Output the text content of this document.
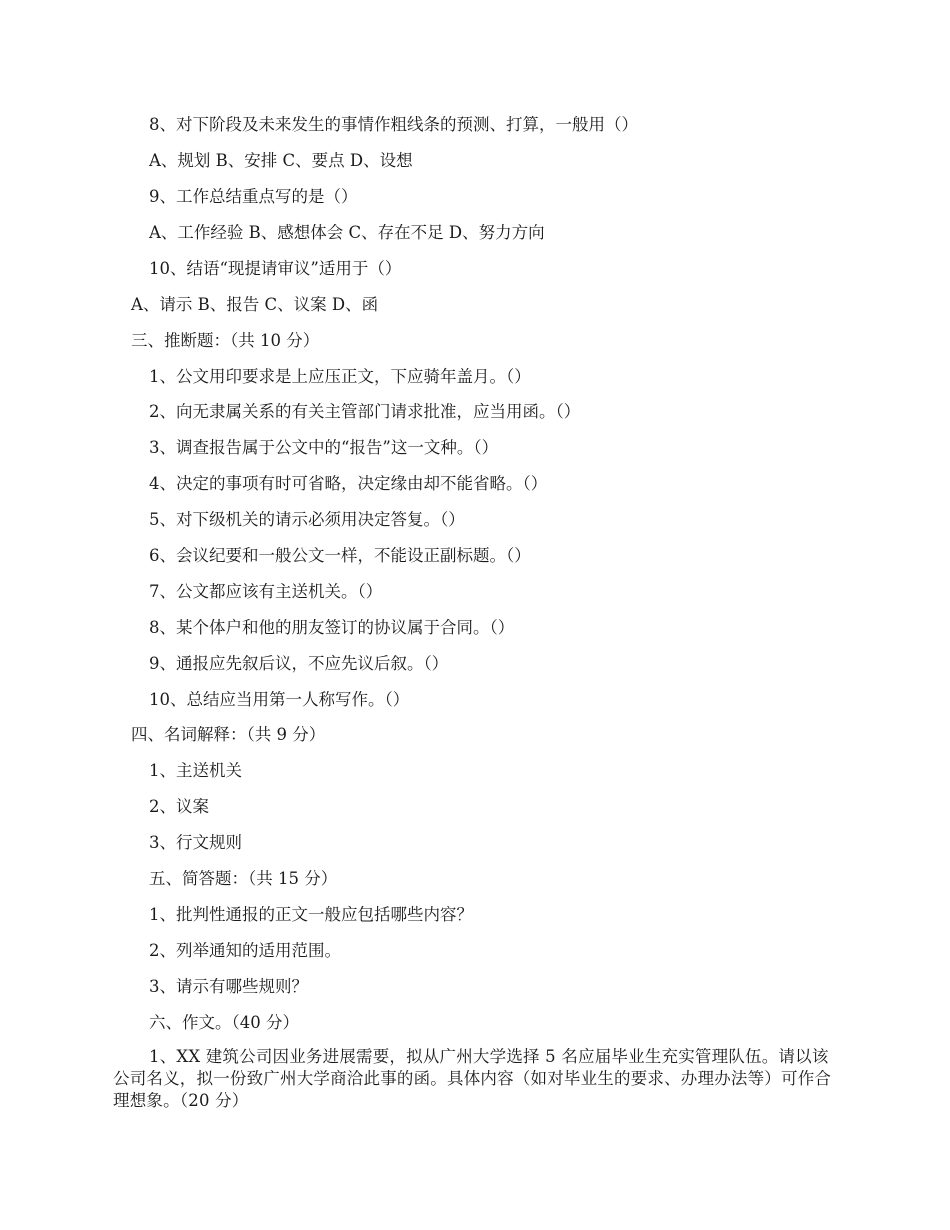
8、对下阶段及未来发生的事情作粗线条的预测、打算，一般用（）
A、规划 B、安排 C、要点 D、设想
9、工作总结重点写的是（）
A、工作经验 B、感想体会 C、存在不足 D、努力方向
10、结语“现提请审议”适用于（）
A、请示 B、报告 C、议案 D、函
三、推断题：（共 10 分）
1、公文用印要求是上应压正文，下应骑年盖月。（）
2、向无隶属关系的有关主管部门请求批准，应当用函。（）
3、调查报告属于公文中的“报告”这一文种。（）
4、决定的事项有时可省略，决定缘由却不能省略。（）
5、对下级机关的请示必须用决定答复。（）
6、会议纪要和一般公文一样，不能设正副标题。（）
7、公文都应该有主送机关。（）
8、某个体户和他的朋友签订的协议属于合同。（）
9、通报应先叙后议，不应先议后叙。（）
10、总结应当用第一人称写作。（）
四、名词解释：（共 9 分）
1、主送机关
2、议案
3、行文规则
五、简答题：（共 15 分）
1、批判性通报的正文一般应包括哪些内容？
2、列举通知的适用范围。
3、请示有哪些规则？
六、作文。（40 分）
1、XX 建筑公司因业务进展需要，拟从广州大学选择 5 名应届毕业生充实管理队伍。请以该公司名义，拟一份致广州大学商洽此事的函。具体内容（如对毕业生的要求、办理办法等）可作合理想象。（20 分）
